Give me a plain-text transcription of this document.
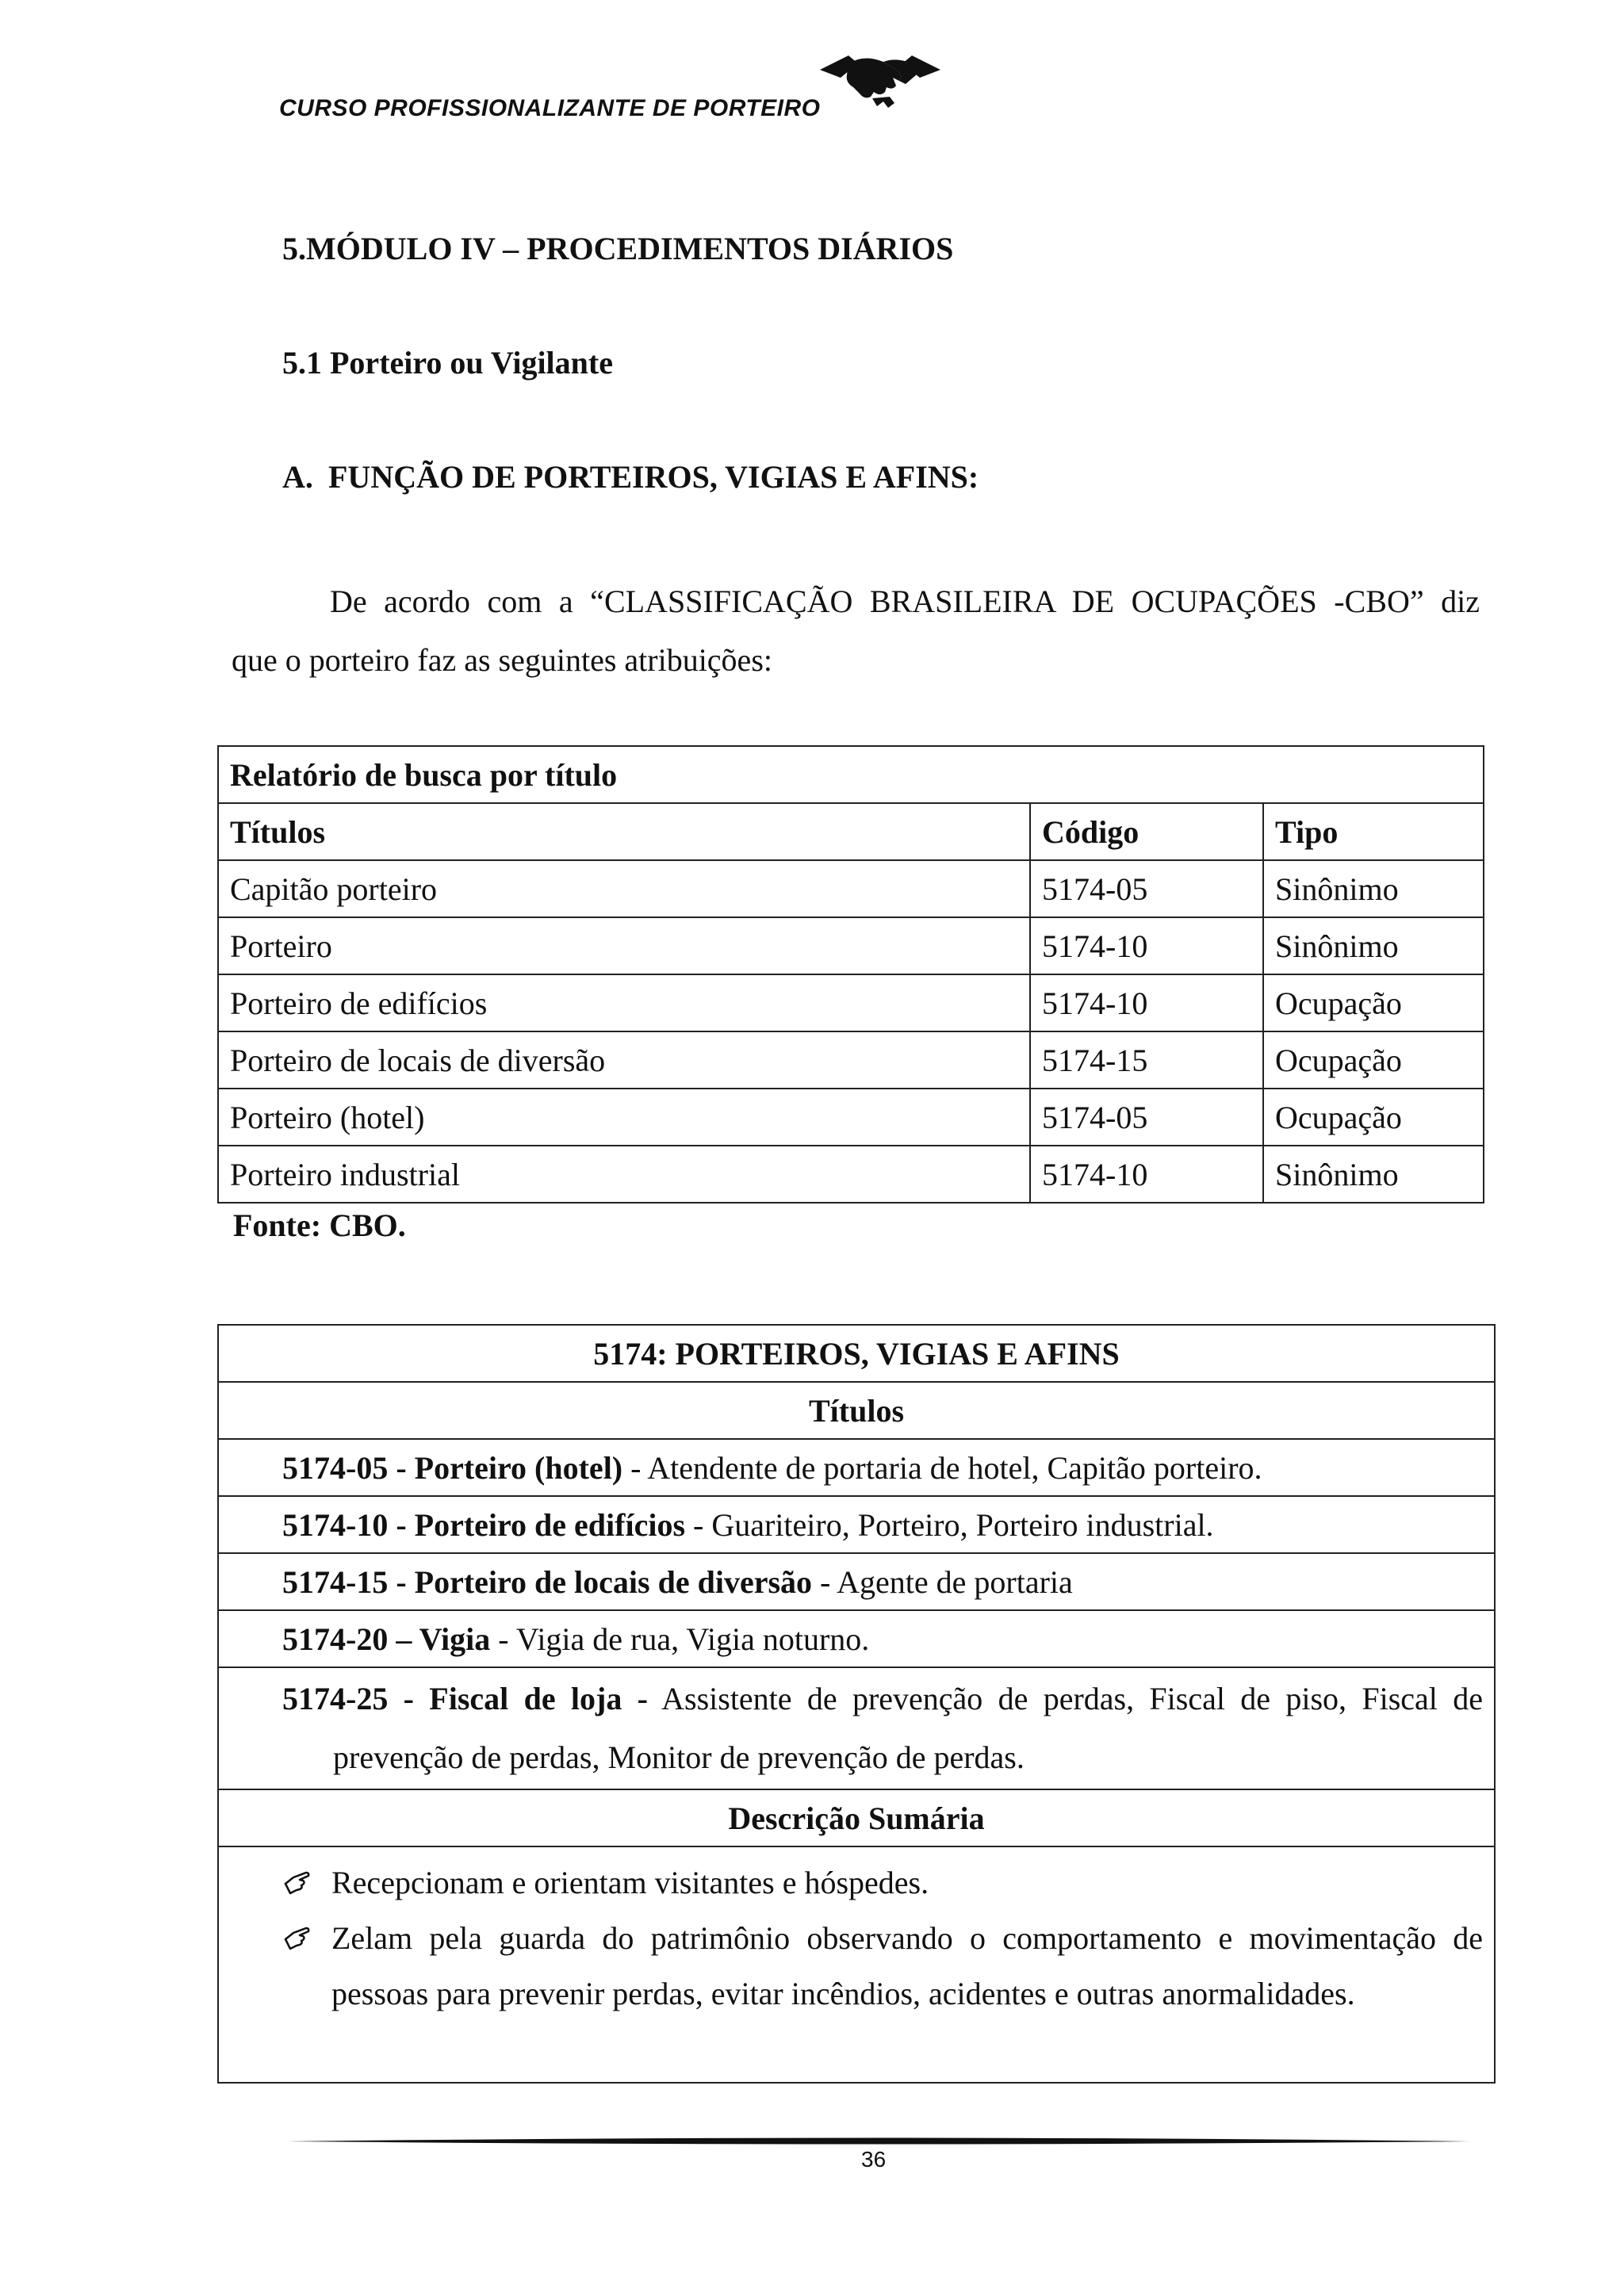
CURSO PROFISSIONALIZANTE DE PORTEIRO
5.MÓDULO IV – PROCEDIMENTOS DIÁRIOS
5.1 Porteiro ou Vigilante
A. FUNÇÃO DE PORTEIROS, VIGIAS E AFINS:
De acordo com a “CLASSIFICAÇÃO BRASILEIRA DE OCUPAÇÕES -CBO” diz
que o porteiro faz as seguintes atribuições:
Relatório de busca por título		
Títulos	Código	Tipo
Capitão porteiro	5174-05	Sinônimo
Porteiro	5174-10	Sinônimo
Porteiro de edifícios	5174-10	Ocupação
Porteiro de locais de diversão	5174-15	Ocupação
Porteiro (hotel)	5174-05	Ocupação
Porteiro industrial	5174-10	Sinônimo
Fonte: CBO.
5174: PORTEIROS, VIGIAS E AFINS
Títulos
5174-05 - Porteiro (hotel) - Atendente de portaria de hotel, Capitão porteiro.
5174-10 - Porteiro de edifícios - Guariteiro, Porteiro, Porteiro industrial.
5174-15 - Porteiro de locais de diversão - Agente de portaria
5174-20 – Vigia - Vigia de rua, Vigia noturno.

5174-25 - Fiscal de loja - Assistente de prevenção de perdas, Fiscal de piso, Fiscal de
prevenção de perdas, Monitor de prevenção de perdas.

Descrição Sumária

Recepcionam e orientam visitantes e hóspedes.
Zelam pela guarda do patrimônio observando o comportamento e movimentação de
pessoas para prevenir perdas, evitar incêndios, acidentes e outras anormalidades.
36
